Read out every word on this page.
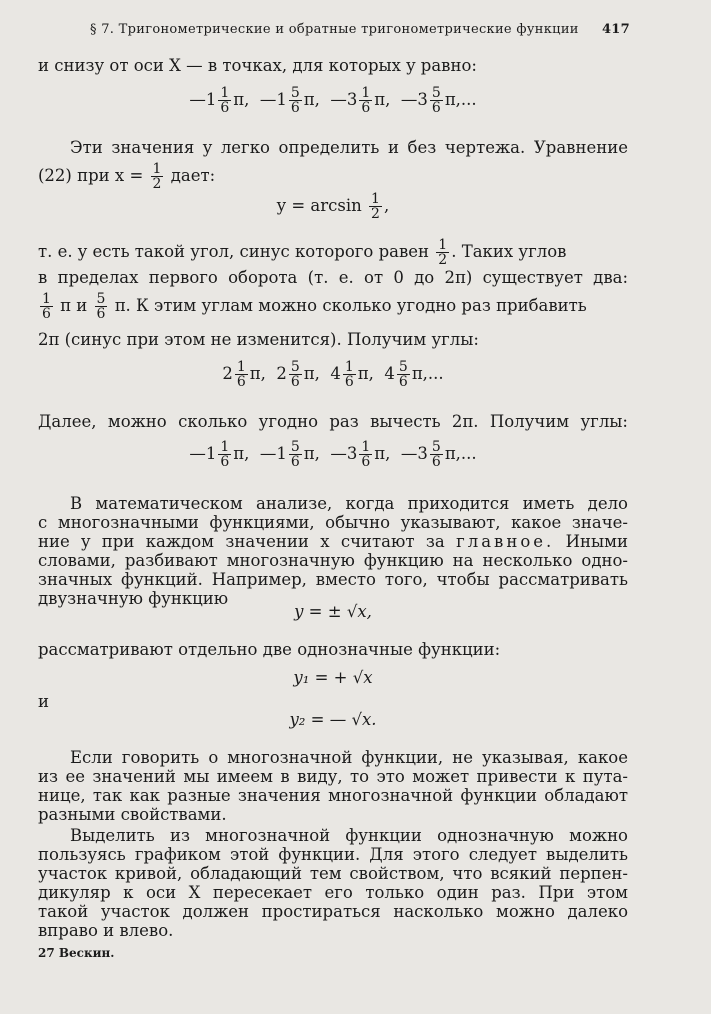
§ 7. Тригонометрические и обратные тригонометрические функции 417
и снизу от оси X — в точках, для которых y равно:
—1 $\frac{1}{6} \pi$, —1 $\frac{5}{6} \pi$, —3 $\frac{1}{6} \pi$, —3 $\frac{5}{6} \pi$,...
Эти значения y легко определить и без чертежа. Уравнение
(22) при $x = \frac{1}{2}$ дает:
$y = \arcsin \frac{1}{2}$ ,
т. е. y есть такой угол, синус которого равен $\frac{1}{2}$ . Таких углов
в пределах первого оборота (т. е. от 0 до 2π) существует два:
$\frac{1}{6}$ π и $\frac{5}{6} \pi$. К этим углам можно сколько угодно раз прибавить
2π (синус при этом не изменится). Получим углы:
$2 \frac{1}{6} \pi$, $2 \frac{5}{6} \pi$, $4 \frac{1}{6} \pi$, $4 \frac{5}{6} \pi$,...
Далее, можно сколько угодно раз вычесть 2π. Получим углы:
—1 $\frac{1}{6} \pi$, —1 $\frac{5}{6} \pi$, —3 $\frac{1}{6} \pi$, —3 $\frac{5}{6} \pi$,...
В математическом анализе, когда приходится иметь дело
с многозначными функциями, обычно указывают, какое значе-
ние y при каждом значении x считают за главное. Иными
словами, разбивают многозначную функцию на несколько одно-
значных функций. Например, вместо того, чтобы рассматривать
двузначную функцию
y = ± √x,
рассматривают отдельно две однозначные функции:
y₁ = + √x
и
y₂ = — √x.
Если говорить о многозначной функции, не указывая, какое
из ее значений мы имеем в виду, то это может привести к пута-
нице, так как разные значения многозначной функции обладают
разными свойствами.
Выделить из многозначной функции однозначную можно
пользуясь графиком этой функции. Для этого следует выделить
участок кривой, обладающий тем свойством, что всякий перпен-
дикуляр к оси X пересекает его только один раз. При этом
такой участок должен простираться насколько можно далеко
вправо и влево.
27 Вескин.
